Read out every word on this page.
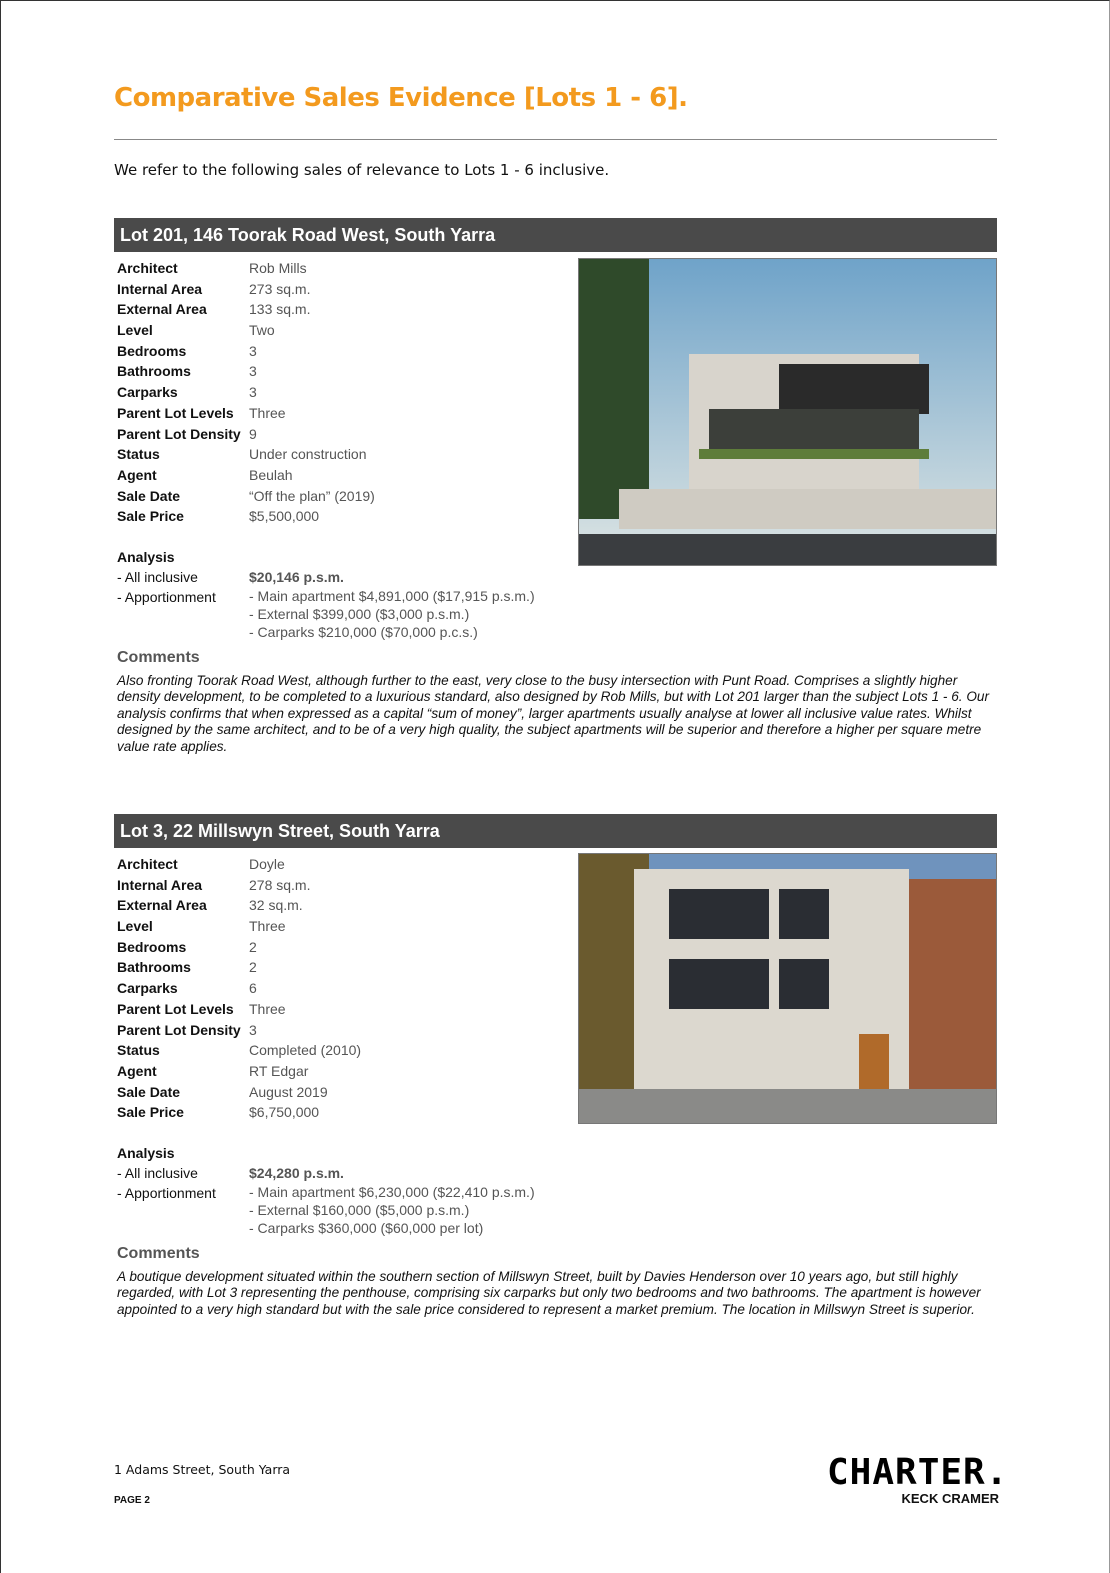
Comparative Sales Evidence [Lots 1 - 6].
We refer to the following sales of relevance to Lots 1 - 6 inclusive.
Lot 201, 146 Toorak Road West, South Yarra
Architect	Rob Mills
Internal Area	273 sq.m.
External Area	133 sq.m.
Level	Two
Bedrooms	3
Bathrooms	3
Carparks	3
Parent Lot Levels	Three
Parent Lot Density 9
Status	Under construction
Agent	Beulah
Sale Date	“Off the plan” (2019)
Sale Price	$5,500,000
Analysis
- All inclusive	$20,146 p.s.m.
- Apportionment	- Main apartment $4,891,000 ($17,915 p.s.m.)
- External $399,000 ($3,000 p.s.m.)
- Carparks $210,000 ($70,000 p.c.s.)
Comments
Also fronting Toorak Road West, although further to the east, very close to the busy intersection with Punt Road. Comprises a slightly higher density development, to be completed to a luxurious standard, also designed by Rob Mills, but with Lot 201 larger than the subject Lots 1 - 6. Our analysis confirms that when expressed as a capital “sum of money”, larger apartments usually analyse at lower all inclusive value rates. Whilst designed by the same architect, and to be of a very high quality, the subject apartments will be superior and therefore a higher per square metre value rate applies.
Lot 3, 22 Millswyn Street, South Yarra
Architect	Doyle
Internal Area	278 sq.m.
External Area	32 sq.m.
Level	Three
Bedrooms	2
Bathrooms	2
Carparks	6
Parent Lot Levels	Three
Parent Lot Density 3
Status	Completed (2010)
Agent	RT Edgar
Sale Date	August 2019
Sale Price	$6,750,000
Analysis
- All inclusive	$24,280 p.s.m.
- Apportionment	- Main apartment $6,230,000 ($22,410 p.s.m.)
- External $160,000 ($5,000 p.s.m.)
- Carparks $360,000 ($60,000 per lot)
Comments
A boutique development situated within the southern section of Millswyn Street, built by Davies Henderson over 10 years ago, but still highly regarded, with Lot 3 representing the penthouse, comprising six carparks but only two bedrooms and two bathrooms. The apartment is however appointed to a very high standard but with the sale price considered to represent a market premium. The location in Millswyn Street is superior.
1 Adams Street, South Yarra
PAGE 2
CHARTER.
KECK CRAMER
